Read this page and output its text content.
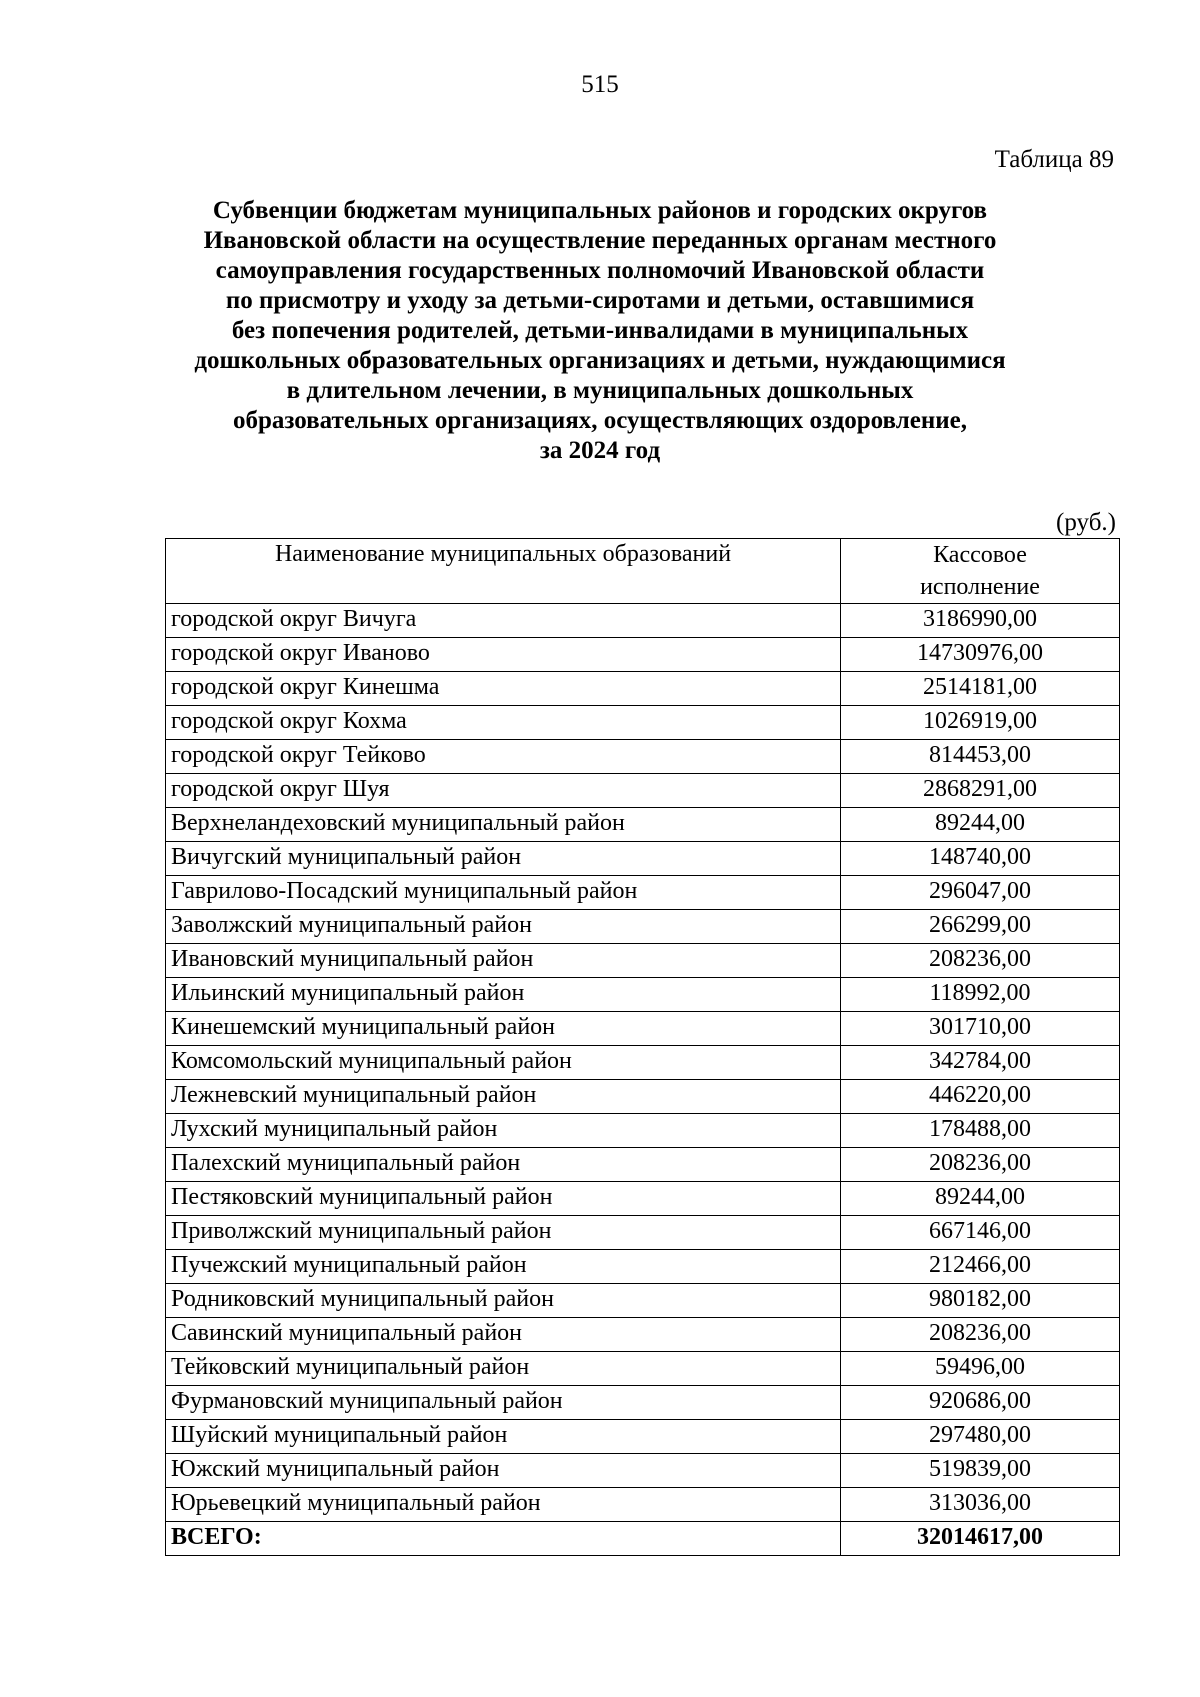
515
Таблица 89
Субвенции бюджетам муниципальных районов и городских округов
Ивановской области на осуществление переданных органам местного
самоуправления государственных полномочий Ивановской области
по присмотру и уходу за детьми-сиротами и детьми, оставшимися
без попечения родителей, детьми-инвалидами в муниципальных
дошкольных образовательных организациях и детьми, нуждающимися
в длительном лечении, в муниципальных дошкольных
образовательных организациях, осуществляющих оздоровление,
за 2024 год
(руб.)
Наименование муниципальных образований	Кассовое
исполнение
городской округ Вичуга	3186990,00
городской округ Иваново	14730976,00
городской округ Кинешма	2514181,00
городской округ Кохма	1026919,00
городской округ Тейково	814453,00
городской округ Шуя	2868291,00
Верхнеландеховский муниципальный район	89244,00
Вичугский муниципальный район	148740,00
Гаврилово-Посадский муниципальный район	296047,00
Заволжский муниципальный район	266299,00
Ивановский муниципальный район	208236,00
Ильинский муниципальный район	118992,00
Кинешемский муниципальный район	301710,00
Комсомольский муниципальный район	342784,00
Лежневский муниципальный район	446220,00
Лухский муниципальный район	178488,00
Палехский муниципальный район	208236,00
Пестяковский муниципальный район	89244,00
Приволжский муниципальный район	667146,00
Пучежский муниципальный район	212466,00
Родниковский муниципальный район	980182,00
Савинский муниципальный район	208236,00
Тейковский муниципальный район	59496,00
Фурмановский муниципальный район	920686,00
Шуйский муниципальный район	297480,00
Южский муниципальный район	519839,00
Юрьевецкий муниципальный район	313036,00
ВСЕГО:	32014617,00
